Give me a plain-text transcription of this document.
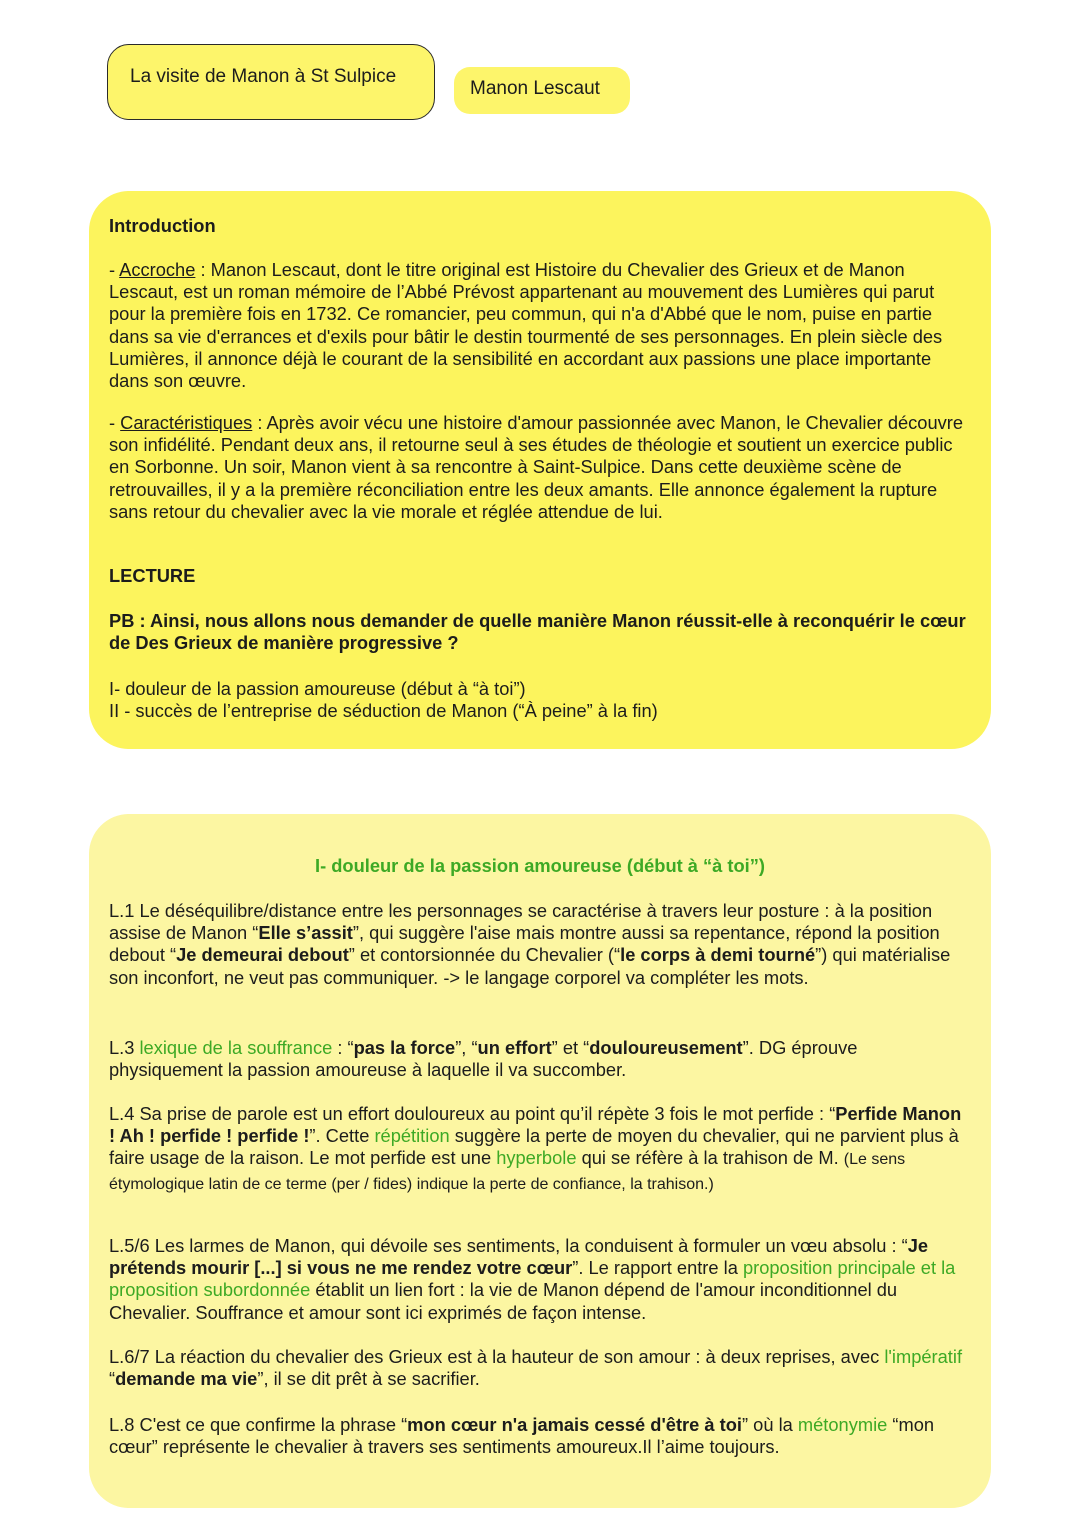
La visite de Manon à St Sulpice
Manon Lescaut

Introduction

- Accroche : Manon Lescaut, dont le titre original est Histoire du Chevalier des Grieux et de Manon Lescaut, est un roman mémoire de l’Abbé Prévost appartenant au mouvement des Lumières qui parut pour la première fois en 1732. Ce romancier, peu commun, qui n'a d'Abbé que le nom, puise en partie dans sa vie d'errances et d'exils pour bâtir le destin tourmenté de ses personnages. En plein siècle des Lumières, il annonce déjà le courant de la sensibilité en accordant aux passions une place importante dans son œuvre.

- Caractéristiques : Après avoir vécu une histoire d'amour passionnée avec Manon, le Chevalier découvre son infidélité. Pendant deux ans, il retourne seul à ses études de théologie et soutient un exercice public en Sorbonne. Un soir, Manon vient à sa rencontre à Saint-Sulpice. Dans cette deuxième scène de retrouvailles, il y a la première réconciliation entre les deux amants. Elle annonce également la rupture sans retour du chevalier avec la vie morale et réglée attendue de lui.

LECTURE

PB : Ainsi, nous allons nous demander de quelle manière Manon réussit-elle à reconquérir le cœur de Des Grieux de manière progressive ?

I- douleur de la passion amoureuse (début à “à toi”)

II - succès de l’entreprise de séduction de Manon (“À peine” à la fin)

I- douleur de la passion amoureuse (début à “à toi”)

L.1 Le déséquilibre/distance entre les personnages se caractérise à travers leur posture : à la position assise de Manon “Elle s’assit”, qui suggère l'aise mais montre aussi sa repentance, répond la position debout “Je demeurai debout” et contorsionnée du Chevalier (“le corps à demi tourné”) qui matérialise son inconfort, ne veut pas communiquer. -> le langage corporel va compléter les mots.

L.3 lexique de la souffrance : “pas la force”, “un effort” et “douloureusement”. DG éprouve physiquement la passion amoureuse à laquelle il va succomber.

L.4 Sa prise de parole est un effort douloureux au point qu’il répète 3 fois le mot perfide : “Perfide Manon ! Ah ! perfide ! perfide !”. Cette répétition suggère la perte de moyen du chevalier, qui ne parvient plus à faire usage de la raison. Le mot perfide est une hyperbole qui se réfère à la trahison de M. (Le sens étymologique latin de ce terme (per / fides) indique la perte de confiance, la trahison.)

L.5/6 Les larmes de Manon, qui dévoile ses sentiments, la conduisent à formuler un vœu absolu : “Je prétends mourir [...] si vous ne me rendez votre cœur”. Le rapport entre la proposition principale et la proposition subordonnée établit un lien fort : la vie de Manon dépend de l'amour inconditionnel du Chevalier. Souffrance et amour sont ici exprimés de façon intense.

L.6/7 La réaction du chevalier des Grieux est à la hauteur de son amour : à deux reprises, avec l'impératif “demande ma vie”, il se dit prêt à se sacrifier.

L.8 C'est ce que confirme la phrase “mon cœur n'a jamais cessé d'être à toi” où la métonymie “mon cœur” représente le chevalier à travers ses sentiments amoureux.Il l’aime toujours.
